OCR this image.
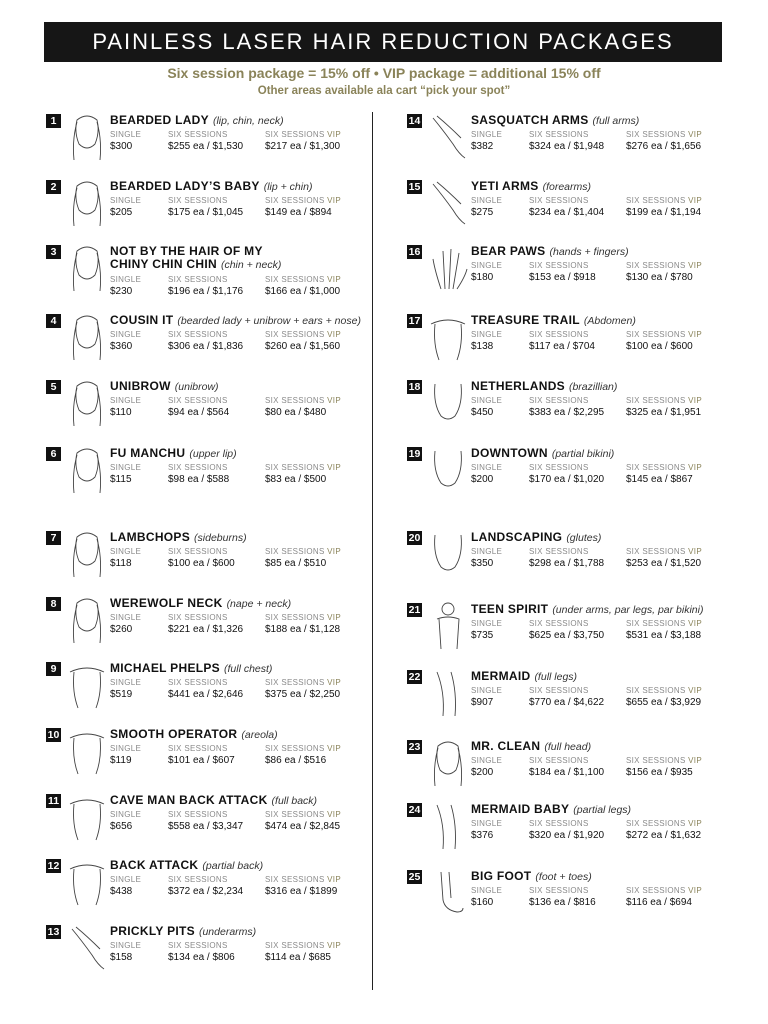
PAINLESS LASER HAIR REDUCTION PACKAGES
Six session package = 15% off • VIP package = additional 15% off
Other areas available ala cart “pick your spot”
1	BEARDED LADY (lip, chin, neck)
SINGLE	SIX SESSIONS	SIX SESSIONS VIP
$300	$255 ea / $1,530 $217 ea / $1,300
2	BEARDED LADY’S BABY (lip + chin)
SINGLE	SIX SESSIONS	SIX SESSIONS VIP
$205	$175 ea / $1,045 $149 ea / $894
3	NOT BY THE HAIR OF MY
CHINY CHIN CHIN (chin + neck)
SINGLE	SIX SESSIONS	SIX SESSIONS VIP
$230	$196 ea / $1,176 $166 ea / $1,000
4	COUSIN IT (bearded lady + unibrow + ears + nose)
SINGLE	SIX SESSIONS	SIX SESSIONS VIP
$360	$306 ea / $1,836 $260 ea / $1,560
5	UNIBROW (unibrow)
SINGLE	SIX SESSIONS	SIX SESSIONS VIP
$110	$94 ea / $564	$80 ea / $480
6	FU MANCHU (upper lip)
SINGLE	SIX SESSIONS	SIX SESSIONS VIP
$115	$98 ea / $588	$83 ea / $500
7	LAMBCHOPS (sideburns)
SINGLE	SIX SESSIONS	SIX SESSIONS VIP
$118	$100 ea / $600	$85 ea / $510
8	WEREWOLF NECK (nape + neck)
SINGLE	SIX SESSIONS	SIX SESSIONS VIP
$260	$221 ea / $1,326 $188 ea / $1,128
9	MICHAEL PHELPS (full chest)
SINGLE	SIX SESSIONS	SIX SESSIONS VIP
$519	$441 ea / $2,646 $375 ea / $2,250
10	SMOOTH OPERATOR (areola)
SINGLE	SIX SESSIONS	SIX SESSIONS VIP
$119	$101 ea / $607	$86 ea / $516
11	CAVE MAN BACK ATTACK (full back)
SINGLE	SIX SESSIONS	SIX SESSIONS VIP
$656	$558 ea / $3,347 $474 ea / $2,845
12	BACK ATTACK (partial back)
SINGLE	SIX SESSIONS	SIX SESSIONS VIP
$438	$372 ea / $2,234 $316 ea / $1899
13	PRICKLY PITS (underarms)
SINGLE	SIX SESSIONS	SIX SESSIONS VIP
$158	$134 ea / $806	$114 ea / $685
14	SASQUATCH ARMS (full arms)
SINGLE	SIX SESSIONS	SIX SESSIONS VIP
$382	$324 ea / $1,948 $276 ea / $1,656
15	YETI ARMS (forearms)
SINGLE	SIX SESSIONS	SIX SESSIONS VIP
$275	$234 ea / $1,404 $199 ea / $1,194
16	BEAR PAWS (hands + fingers)
SINGLE	SIX SESSIONS	SIX SESSIONS VIP
$180	$153 ea / $918	$130 ea / $780
17	TREASURE TRAIL (Abdomen)
SINGLE	SIX SESSIONS	SIX SESSIONS VIP
$138	$117 ea / $704	$100 ea / $600
18	NETHERLANDS (brazillian)
SINGLE	SIX SESSIONS	SIX SESSIONS VIP
$450	$383 ea / $2,295 $325 ea / $1,951
19	DOWNTOWN (partial bikini)
SINGLE	SIX SESSIONS	SIX SESSIONS VIP
$200	$170 ea / $1,020 $145 ea / $867
20	LANDSCAPING (glutes)
SINGLE	SIX SESSIONS	SIX SESSIONS VIP
$350	$298 ea / $1,788 $253 ea / $1,520
21	TEEN SPIRIT (under arms, par legs, par bikini)
SINGLE	SIX SESSIONS	SIX SESSIONS VIP
$735	$625 ea / $3,750 $531 ea / $3,188
22	MERMAID (full legs)
SINGLE	SIX SESSIONS	SIX SESSIONS VIP
$907	$770 ea / $4,622 $655 ea / $3,929
23	MR. CLEAN (full head)
SINGLE	SIX SESSIONS	SIX SESSIONS VIP
$200	$184 ea / $1,100 $156 ea / $935
24	MERMAID BABY (partial legs)
SINGLE	SIX SESSIONS	SIX SESSIONS VIP
$376	$320 ea / $1,920 $272 ea / $1,632
25	BIG FOOT (foot + toes)
SINGLE	SIX SESSIONS	SIX SESSIONS VIP
$160	$136 ea / $816	$116 ea / $694
